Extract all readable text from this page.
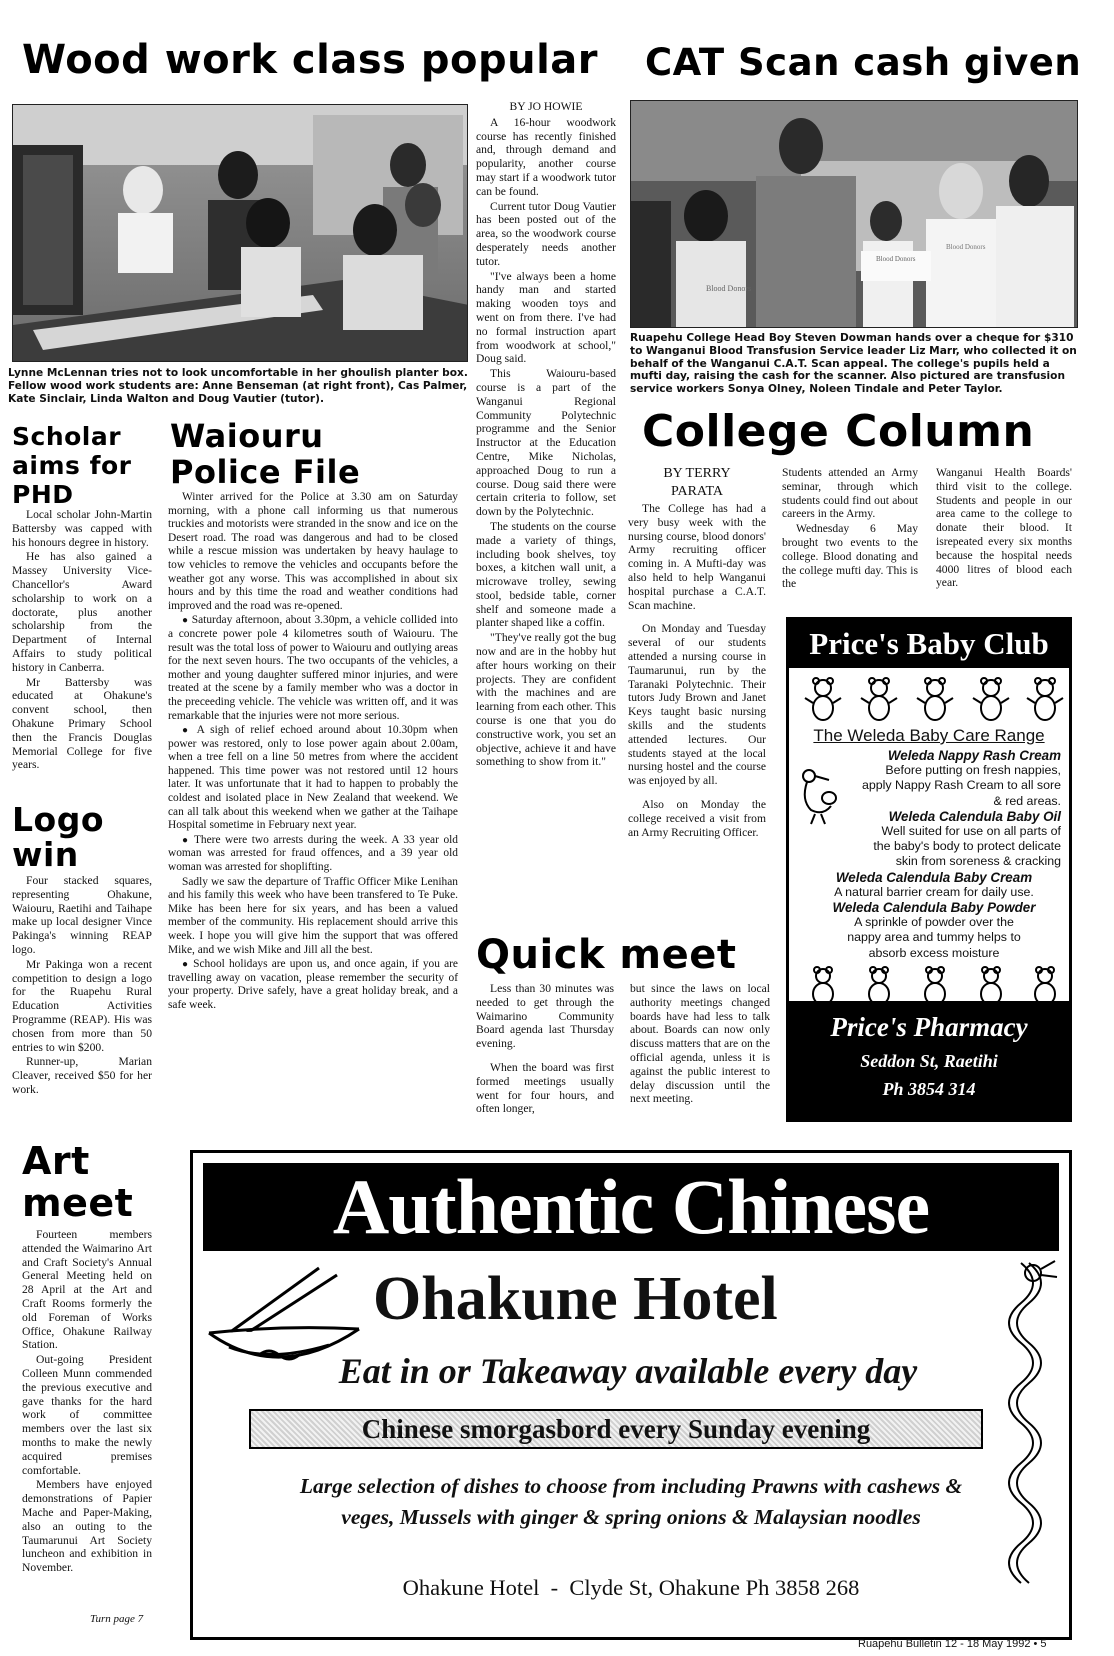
Wood work class popular CAT Scan cash given
Lynne McLennan tries not to look uncomfortable in her ghoulish planter box. Fellow wood work students are: Anne Benseman (at right front), Cas Palmer, Kate Sinclair, Linda Walton and Doug Vautier (tutor).
Blood Donors
Blood Donors
Blood Donors
Ruapehu College Head Boy Steven Dowman hands over a cheque for $310 to Wanganui Blood Transfusion Service leader Liz Marr, who collected it on behalf of the Wanganui C.A.T. Scan appeal. The college's pupils held a mufti day, raising the cash for the scanner. Also pictured are transfusion service workers Sonya Olney, Noleen Tindale and Peter Taylor.
BY JO HOWIE

A 16-hour woodwork course has recently finished and, through demand and popularity, another course may start if a woodwork tutor can be found.

Current tutor Doug Vautier has been posted out of the area, so the woodwork course desperately needs another tutor.

"I've always been a home handy man and started making wooden toys and went on from there. I've had no formal instruction apart from woodwork at school," Doug said.

This Waiouru-based course is a part of the Wanganui Regional Community Polytechnic programme and the Senior Instructor at the Education Centre, Mike Nicholas, approached Doug to run a course. Doug said there were certain criteria to follow, set down by the Polytechnic.

The students on the course made a variety of things, including book shelves, toy boxes, a kitchen wall unit, a microwave trolley, sewing stool, bedside table, corner shelf and someone made a planter shaped like a coffin.

"They've really got the bug now and are in the hobby hut after hours working on their projects. They are confident with the machines and are learning from each other. This course is one that you do constructive work, you set an objective, achieve it and have something to show from it."

Scholar aims for PHD

Local scholar John-Martin Battersby was capped with his honours degree in history.

He has also gained a Massey University Vice-Chancellor's Award scholarship to work on a doctorate, plus another scholarship from the Department of Internal Affairs to study political history in Canberra.

Mr Battersby was educated at Ohakune's convent school, then Ohakune Primary School then the Francis Douglas Memorial College for five years.

Logo win

Four stacked squares, representing Ohakune, Waiouru, Raetihi and Taihape make up local designer Vince Pakinga's winning REAP logo.

Mr Pakinga won a recent competition to design a logo for the Ruapehu Rural Education Activities Programme (REAP). His was chosen from more than 50 entries to win $200.

Runner-up, Marian Cleaver, received $50 for her work.

Art meet

Fourteen members attended the Waimarino Art and Craft Society's Annual General Meeting held on 28 April at the Art and Craft Rooms formerly the old Foreman of Works Office, Ohakune Railway Station.

Out-going President Colleen Munn commended the previous executive and gave thanks for the hard work of committee members over the last six months to make the newly acquired premises comfortable.

Members have enjoyed demonstrations of Papier Mache and Paper-Making, also an outing to the Taumarunui Art Society luncheon and exhibition in November.

Turn page 7
Waiouru Police File

Winter arrived for the Police at 3.30 am on Saturday morning, with a phone call informing us that numerous truckies and motorists were stranded in the snow and ice on the Desert road. The road was dangerous and had to be closed while a rescue mission was undertaken by heavy haulage to tow vehicles to remove the vehicles and occupants before the weather got any worse. This was accomplished in about six hours and by this time the road and weather conditions had improved and the road was re-opened.

● Saturday afternoon, about 3.30pm, a vehicle collided into a concrete power pole 4 kilometres south of Waiouru. The result was the total loss of power to Waiouru and outlying areas for the next seven hours. The two occupants of the vehicles, a mother and young daughter suffered minor injuries, and were treated at the scene by a family member who was a doctor in the preceeding vehicle. The vehicle was written off, and it was remarkable that the injuries were not more serious.

● A sigh of relief echoed around about 10.30pm when power was restored, only to lose power again about 2.00am, when a tree fell on a line 50 metres from where the accident happened. This time power was not restored until 12 hours later. It was unfortunate that it had to happen to probably the coldest and isolated place in New Zealand that weekend. We can all talk about this weekend when we gather at the Taihape Hospital sometime in February next year.

● There were two arrests during the week. A 33 year old woman was arrested for fraud offences, and a 39 year old woman was arrested for shoplifting.

Sadly we saw the departure of Traffic Officer Mike Lenihan and his family this week who have been transfered to Te Puke. Mike has been here for six years, and has been a valued member of the community. His replacement should arrive this week. I hope you will give him the support that was offered Mike, and we wish Mike and Jill all the best.

● School holidays are upon us, and once again, if you are travelling away on vacation, please remember the security of your property. Drive safely, have a great holiday break, and a safe week.

College Column
BY TERRY
PARATA

The College has had a very busy week with the nursing course, blood donors' Army recruiting officer coming in. A Mufti-day was also held to help Wanganui hospital purchase a C.A.T. Scan machine.

On Monday and Tuesday several of our students attended a nursing course in Taumarunui, run by the Taranaki Polytechnic. Their tutors Judy Brown and Janet Keys taught basic nursing skills and the students attended lectures. Our students stayed at the local nursing hostel and the course was enjoyed by all.

Also on Monday the college received a visit from an Army Recruiting Officer.

Students attended an Army seminar, through which students could find out about careers in the Army.

Wednesday 6 May brought two events to the college. Blood donating and the college mufti day. This is the

Wanganui Health Boards' third visit to the college. Students and people in our area came to the college to donate their blood. It isrepeated every six months because the hospital needs 4000 litres of blood each year.

Quick meet

Less than 30 minutes was needed to get through the Waimarino Community Board agenda last Thursday evening.

When the board was first formed meetings usually went for four hours, and often longer,

but since the laws on local authority meetings changed boards have had less to talk about. Boards can now only discuss matters that are on the official agenda, unless it is against the public interest to delay discussion until the next meeting.

Price's Baby Club
The Weleda Baby Care Range
Weleda Nappy Rash Cream
Before putting on fresh nappies,
apply Nappy Rash Cream to all sore
& red areas.
Weleda Calendula Baby Oil
Well suited for use on all parts of
the baby's body to protect delicate
skin from soreness & cracking
Weleda Calendula Baby Cream
A natural barrier cream for daily use.
Weleda Calendula Baby Powder
A sprinkle of powder over the
nappy area and tummy helps to
absorb excess moisture
Price's Pharmacy
Seddon St, Raetihi
Ph 3854 314
Authentic Chinese
Ohakune Hotel
Eat in or Takeaway available every day
Chinese smorgasbord every Sunday evening
Large selection of dishes to choose from including Prawns with cashews &
veges, Mussels with ginger & spring onions & Malaysian noodles
Ohakune Hotel  -  Clyde St, Ohakune Ph 3858 268
Ruapehu Bulletin 12 - 18 May 1992 • 5
